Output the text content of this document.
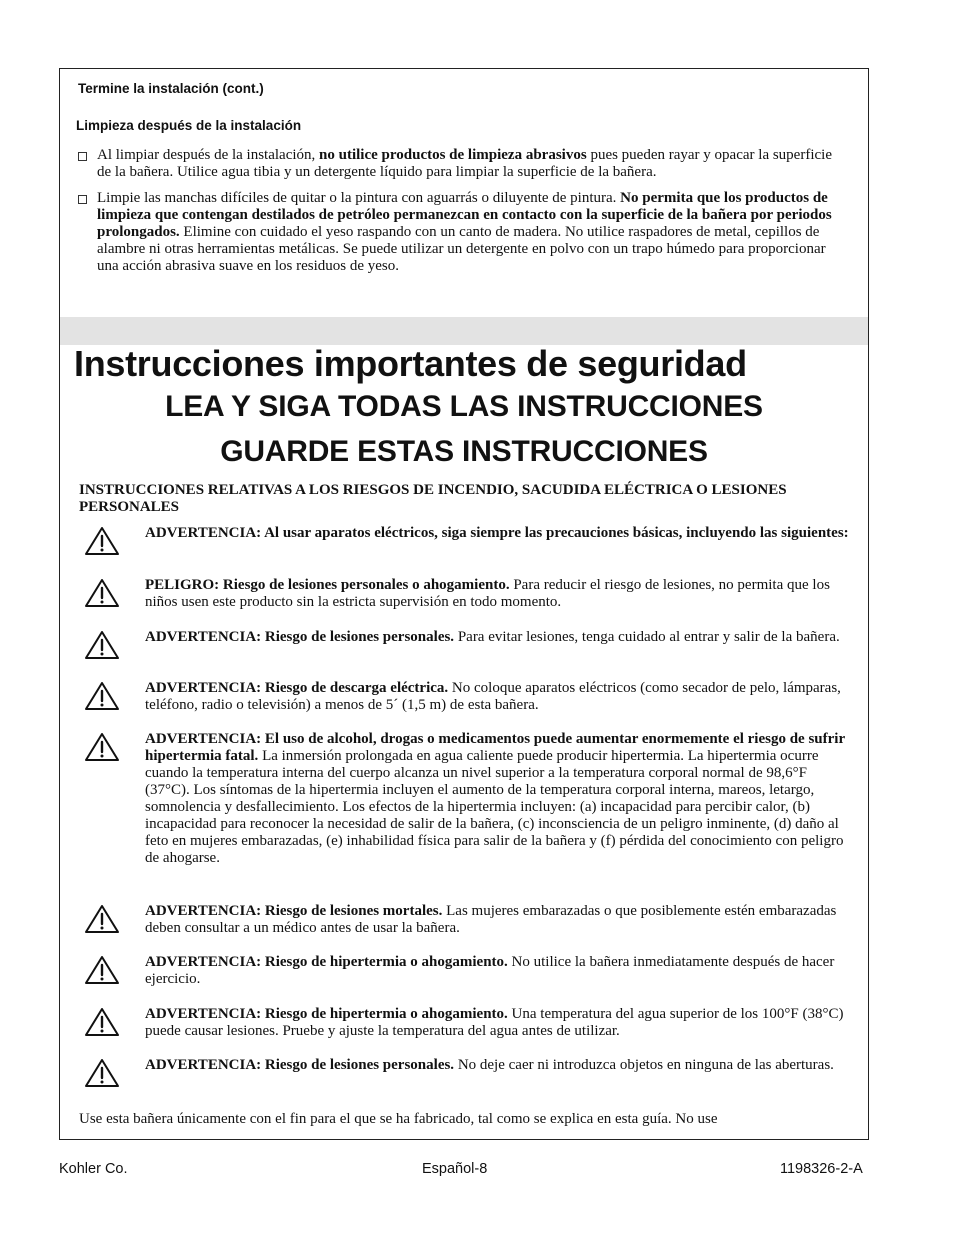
Termine la instalación (cont.)
Limpieza después de la instalación
Al limpiar después de la instalación, no utilice productos de limpieza abrasivos pues pueden rayar y opacar la superficie de la bañera. Utilice agua tibia y un detergente líquido para limpiar la superficie de la bañera.
Limpie las manchas difíciles de quitar o la pintura con aguarrás o diluyente de pintura. No permita que los productos de limpieza que contengan destilados de petróleo permanezcan en contacto con la superficie de la bañera por periodos prolongados. Elimine con cuidado el yeso raspando con un canto de madera. No utilice raspadores de metal, cepillos de alambre ni otras herramientas metálicas. Se puede utilizar un detergente en polvo con un trapo húmedo para proporcionar una acción abrasiva suave en los residuos de yeso.
Instrucciones importantes de seguridad
LEA Y SIGA TODAS LAS INSTRUCCIONES
GUARDE ESTAS INSTRUCCIONES
INSTRUCCIONES RELATIVAS A LOS RIESGOS DE INCENDIO, SACUDIDA ELÉCTRICA O LESIONES PERSONALES
ADVERTENCIA: Al usar aparatos eléctricos, siga siempre las precauciones básicas, incluyendo las siguientes:
PELIGRO: Riesgo de lesiones personales o ahogamiento. Para reducir el riesgo de lesiones, no permita que los niños usen este producto sin la estricta supervisión en todo momento.
ADVERTENCIA: Riesgo de lesiones personales. Para evitar lesiones, tenga cuidado al entrar y salir de la bañera.
ADVERTENCIA: Riesgo de descarga eléctrica. No coloque aparatos eléctricos (como secador de pelo, lámparas, teléfono, radio o televisión) a menos de 5´ (1,5 m) de esta bañera.
ADVERTENCIA: El uso de alcohol, drogas o medicamentos puede aumentar enormemente el riesgo de sufrir hipertermia fatal. La inmersión prolongada en agua caliente puede producir hipertermia. La hipertermia ocurre cuando la temperatura interna del cuerpo alcanza un nivel superior a la temperatura corporal normal de 98,6°F (37°C). Los síntomas de la hipertermia incluyen el aumento de la temperatura corporal interna, mareos, letargo, somnolencia y desfallecimiento. Los efectos de la hipertermia incluyen: (a) incapacidad para percibir calor, (b) incapacidad para reconocer la necesidad de salir de la bañera, (c) inconsciencia de un peligro inminente, (d) daño al feto en mujeres embarazadas, (e) inhabilidad física para salir de la bañera y (f) pérdida del conocimiento con peligro de ahogarse.
ADVERTENCIA: Riesgo de lesiones mortales. Las mujeres embarazadas o que posiblemente estén embarazadas deben consultar a un médico antes de usar la bañera.
ADVERTENCIA: Riesgo de hipertermia o ahogamiento. No utilice la bañera inmediatamente después de hacer ejercicio.
ADVERTENCIA: Riesgo de hipertermia o ahogamiento. Una temperatura del agua superior de los 100°F (38°C) puede causar lesiones. Pruebe y ajuste la temperatura del agua antes de utilizar.
ADVERTENCIA: Riesgo de lesiones personales. No deje caer ni introduzca objetos en ninguna de las aberturas.
Use esta bañera únicamente con el fin para el que se ha fabricado, tal como se explica en esta guía. No use
Kohler Co.	Español-8	1198326-2-A
